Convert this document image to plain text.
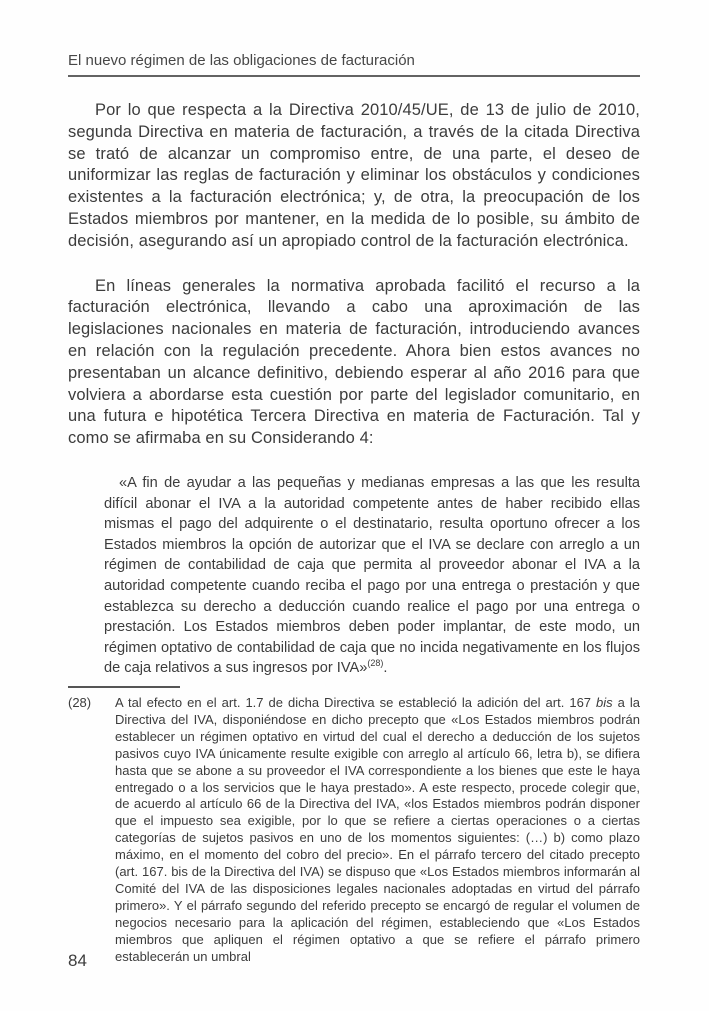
El nuevo régimen de las obligaciones de facturación

Por lo que respecta a la Directiva 2010/45/UE, de 13 de julio de 2010, segunda Directiva en materia de facturación, a través de la citada Directiva se trató de alcanzar un compromiso entre, de una parte, el deseo de uniformizar las reglas de facturación y eliminar los obstáculos y condiciones existentes a la facturación electrónica; y, de otra, la preocupación de los Estados miembros por mantener, en la medida de lo posible, su ámbito de decisión, asegurando así un apropiado control de la facturación electrónica.

En líneas generales la normativa aprobada facilitó el recurso a la facturación electrónica, llevando a cabo una aproximación de las legislaciones nacionales en materia de facturación, introduciendo avances en relación con la regulación precedente. Ahora bien estos avances no presentaban un alcance definitivo, debiendo esperar al año 2016 para que volviera a abordarse esta cuestión por parte del legislador comunitario, en una futura e hipotética Tercera Directiva en materia de Facturación. Tal y como se afirmaba en su Considerando 4:

«A fin de ayudar a las pequeñas y medianas empresas a las que les resulta difícil abonar el IVA a la autoridad competente antes de haber recibido ellas mismas el pago del adquirente o el destinatario, resulta oportuno ofrecer a los Estados miembros la opción de autorizar que el IVA se declare con arreglo a un régimen de contabilidad de caja que permita al proveedor abonar el IVA a la autoridad competente cuando reciba el pago por una entrega o prestación y que establezca su derecho a deducción cuando realice el pago por una entrega o prestación. Los Estados miembros deben poder implantar, de este modo, un régimen optativo de contabilidad de caja que no incida negativamente en los flujos de caja relativos a sus ingresos por IVA»$^{(28)}$.
(28) A tal efecto en el art. 1.7 de dicha Directiva se estableció la adición del art. 167 bis a la Directiva del IVA, disponiéndose en dicho precepto que «Los Estados miembros podrán establecer un régimen optativo en virtud del cual el derecho a deducción de los sujetos pasivos cuyo IVA únicamente resulte exigible con arreglo al artículo 66, letra b), se difiera hasta que se abone a su proveedor el IVA correspondiente a los bienes que este le haya entregado o a los servicios que le haya prestado». A este respecto, procede colegir que, de acuerdo al artículo 66 de la Directiva del IVA, «los Estados miembros podrán disponer que el impuesto sea exigible, por lo que se refiere a ciertas operaciones o a ciertas categorías de sujetos pasivos en uno de los momentos siguientes: (…) b) como plazo máximo, en el momento del cobro del precio». En el párrafo tercero del citado precepto (art. 167. bis de la Directiva del IVA) se dispuso que «Los Estados miembros informarán al Comité del IVA de las disposiciones legales nacionales adoptadas en virtud del párrafo primero». Y el párrafo segundo del referido precepto se encargó de regular el volumen de negocios necesario para la aplicación del régimen, estableciendo que «Los Estados miembros que apliquen el régimen optativo a que se refiere el párrafo primero establecerán un umbral
84
